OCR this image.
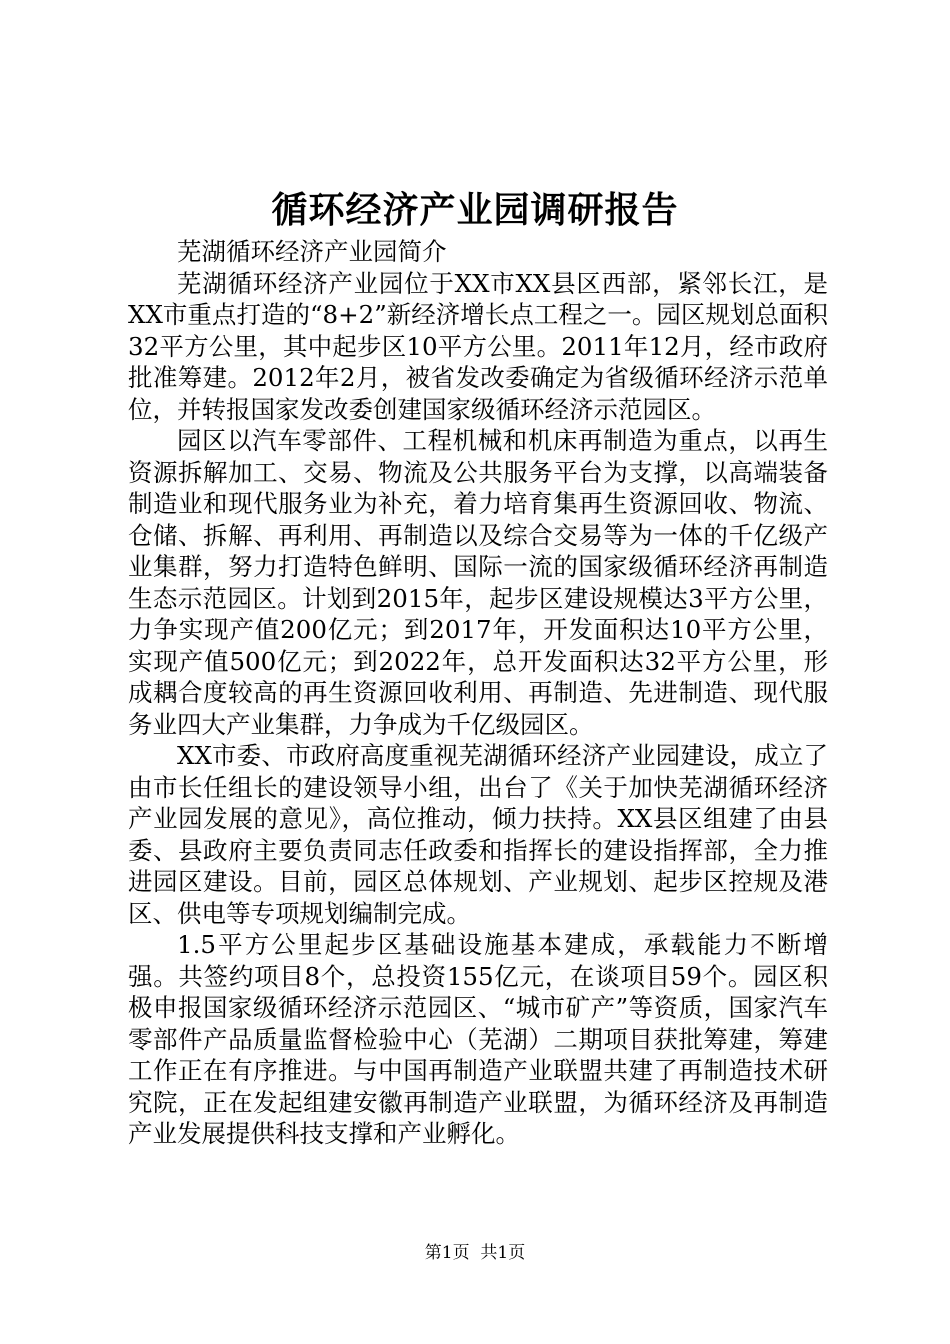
循环经济产业园调研报告

芜湖循环经济产业园简介

芜湖循环经济产业园位于XX市XX县区西部，紧邻长江，是XX市重点打造的“8+2”新经济增长点工程之一。园区规划总面积32平方公里，其中起步区10平方公里。2011年12月，经市政府批准筹建。2012年2月，被省发改委确定为省级循环经济示范单位，并转报国家发改委创建国家级循环经济示范园区。

园区以汽车零部件、工程机械和机床再制造为重点，以再生资源拆解加工、交易、物流及公共服务平台为支撑，以高端装备制造业和现代服务业为补充，着力培育集再生资源回收、物流、仓储、拆解、再利用、再制造以及综合交易等为一体的千亿级产业集群，努力打造特色鲜明、国际一流的国家级循环经济再制造生态示范园区。计划到2015年，起步区建设规模达3平方公里，力争实现产值200亿元；到2017年，开发面积达10平方公里，实现产值500亿元；到2022年，总开发面积达32平方公里，形成耦合度较高的再生资源回收利用、再制造、先进制造、现代服务业四大产业集群，力争成为千亿级园区。

XX市委、市政府高度重视芜湖循环经济产业园建设，成立了由市长任组长的建设领导小组，出台了《关于加快芜湖循环经济产业园发展的意见》，高位推动，倾力扶持。XX县区组建了由县委、县政府主要负责同志任政委和指挥长的建设指挥部，全力推进园区建设。目前，园区总体规划、产业规划、起步区控规及港区、供电等专项规划编制完成。

1.5平方公里起步区基础设施基本建成，承载能力不断增强。共签约项目8个，总投资155亿元，在谈项目59个。园区积极申报国家级循环经济示范园区、“城市矿产”等资质，国家汽车零部件产品质量监督检验中心（芜湖）二期项目获批筹建，筹建工作正在有序推进。与中国再制造产业联盟共建了再制造技术研究院，正在发起组建安徽再制造产业联盟，为循环经济及再制造产业发展提供科技支撑和产业孵化。

第1页  共1页
